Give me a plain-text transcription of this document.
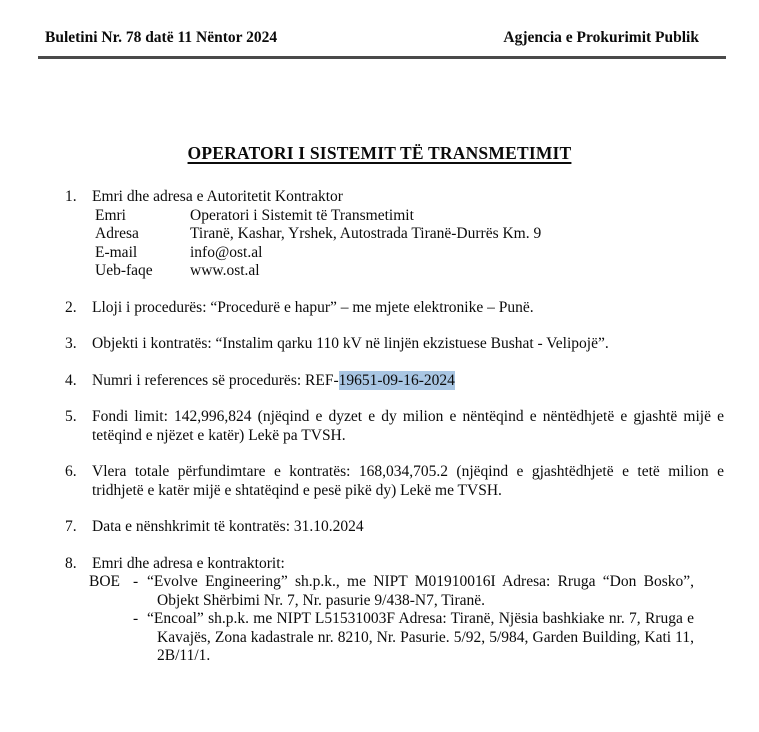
Buletini Nr. 78 datë 11 Nëntor 2024	Agjencia e Prokurimit Publik
OPERATORI I SISTEMIT TË TRANSMETIMIT
1. Emri dhe adresa e Autoritetit Kontraktor
Emri	Operatori i Sistemit të Transmetimit
Adresa	Tiranë, Kashar, Yrshek, Autostrada Tiranë-Durrës Km. 9
E-mail	info@ost.al
Ueb-faqe	www.ost.al
2. Lloji i procedurës: “Procedurë e hapur” – me mjete elektronike – Punë.
3. Objekti i kontratës: “Instalim qarku 110 kV në linjën ekzistuese Bushat - Velipojë”.
4. Numri i references së procedurës: REF-19651-09-16-2024
5. Fondi limit: 142,996,824 (njëqind e dyzet e dy milion e nëntëqind e nëntëdhjetë e gjashtë mijë e tetëqind e njëzet e katër) Lekë pa TVSH.
6. Vlera totale përfundimtare e kontratës: 168,034,705.2 (njëqind e gjashtëdhjetë e tetë milion e tridhjetë e katër mijë e shtatëqind e pesë pikë dy) Lekë me TVSH.
7. Data e nënshkrimit të kontratës: 31.10.2024
8. Emri dhe adresa e kontraktorit:
BOE - “Evolve Engineering” sh.p.k., me NIPT M01910016I Adresa: Rruga “Don Bosko”, Objekt Shërbimi Nr. 7, Nr. pasurie 9/438-N7, Tiranë.
- “Encoal” sh.p.k. me NIPT L51531003F Adresa: Tiranë, Njësia bashkiake nr. 7, Rruga e Kavajës, Zona kadastrale nr. 8210, Nr. Pasurie. 5/92, 5/984, Garden Building, Kati 11, 2B/11/1.
